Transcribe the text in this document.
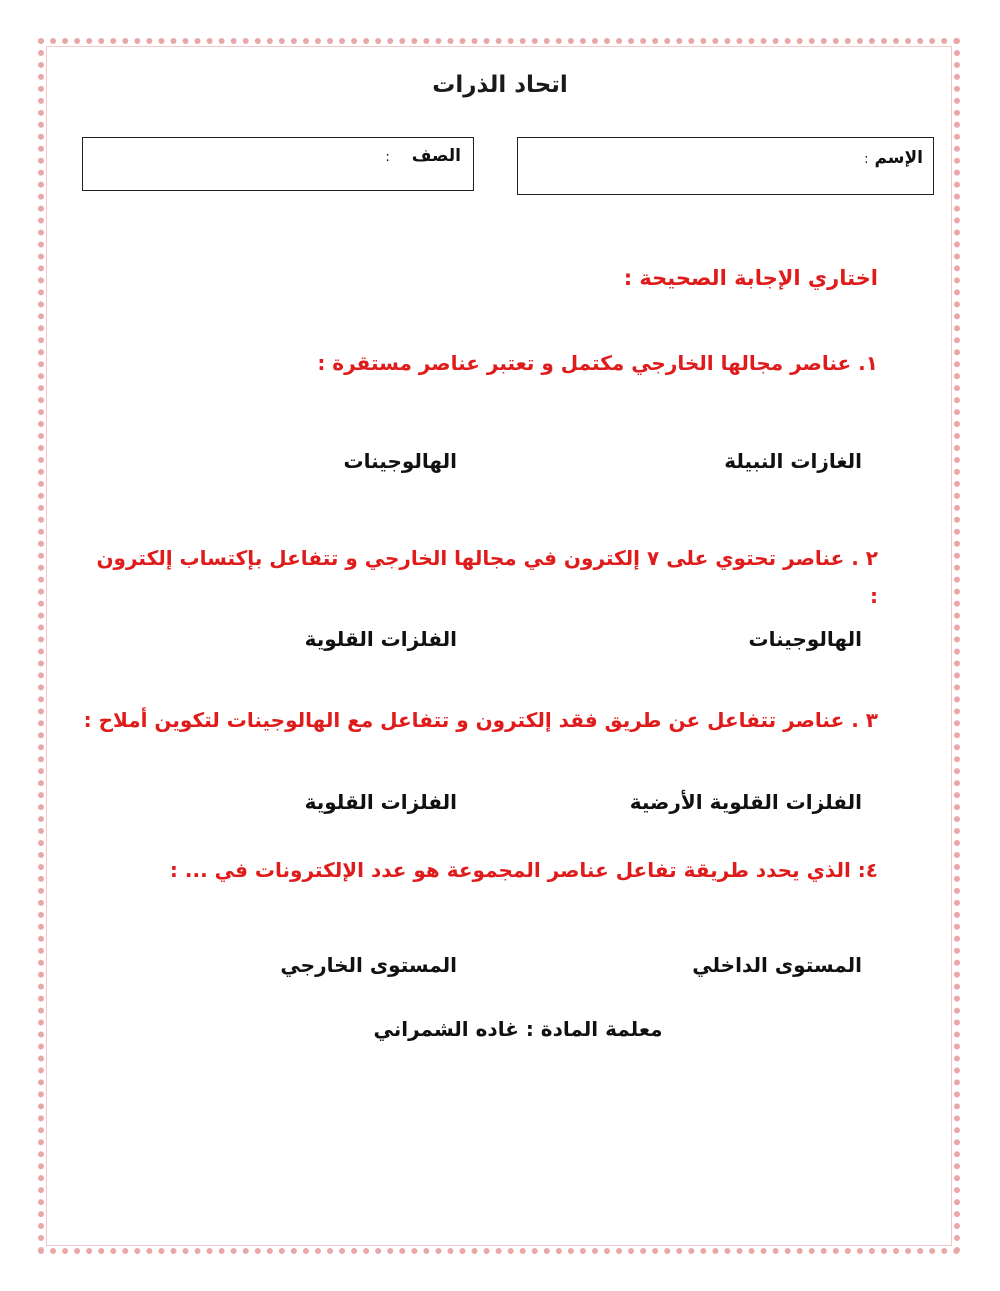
اتحاد الذرات
الإسم:
الصف:
اختاري الإجابة الصحيحة :
١. عناصر مجالها الخارجي مكتمل و تعتبر عناصر مستقرة :
الغازات النبيلة
الهالوجينات
٢ . عناصر تحتوي على ٧ إلكترون في مجالها الخارجي و تتفاعل بإكتساب إلكترون
:
الهالوجينات
الفلزات القلوية
٣ . عناصر تتفاعل عن طريق فقد إلكترون و تتفاعل مع الهالوجينات لتكوين أملاح :
الفلزات القلوية الأرضية
الفلزات القلوية
٤: الذي يحدد طريقة تفاعل عناصر المجموعة هو عدد الإلكترونات في ... :
المستوى الداخلي
المستوى الخارجي
معلمة المادة : غاده الشمراني
